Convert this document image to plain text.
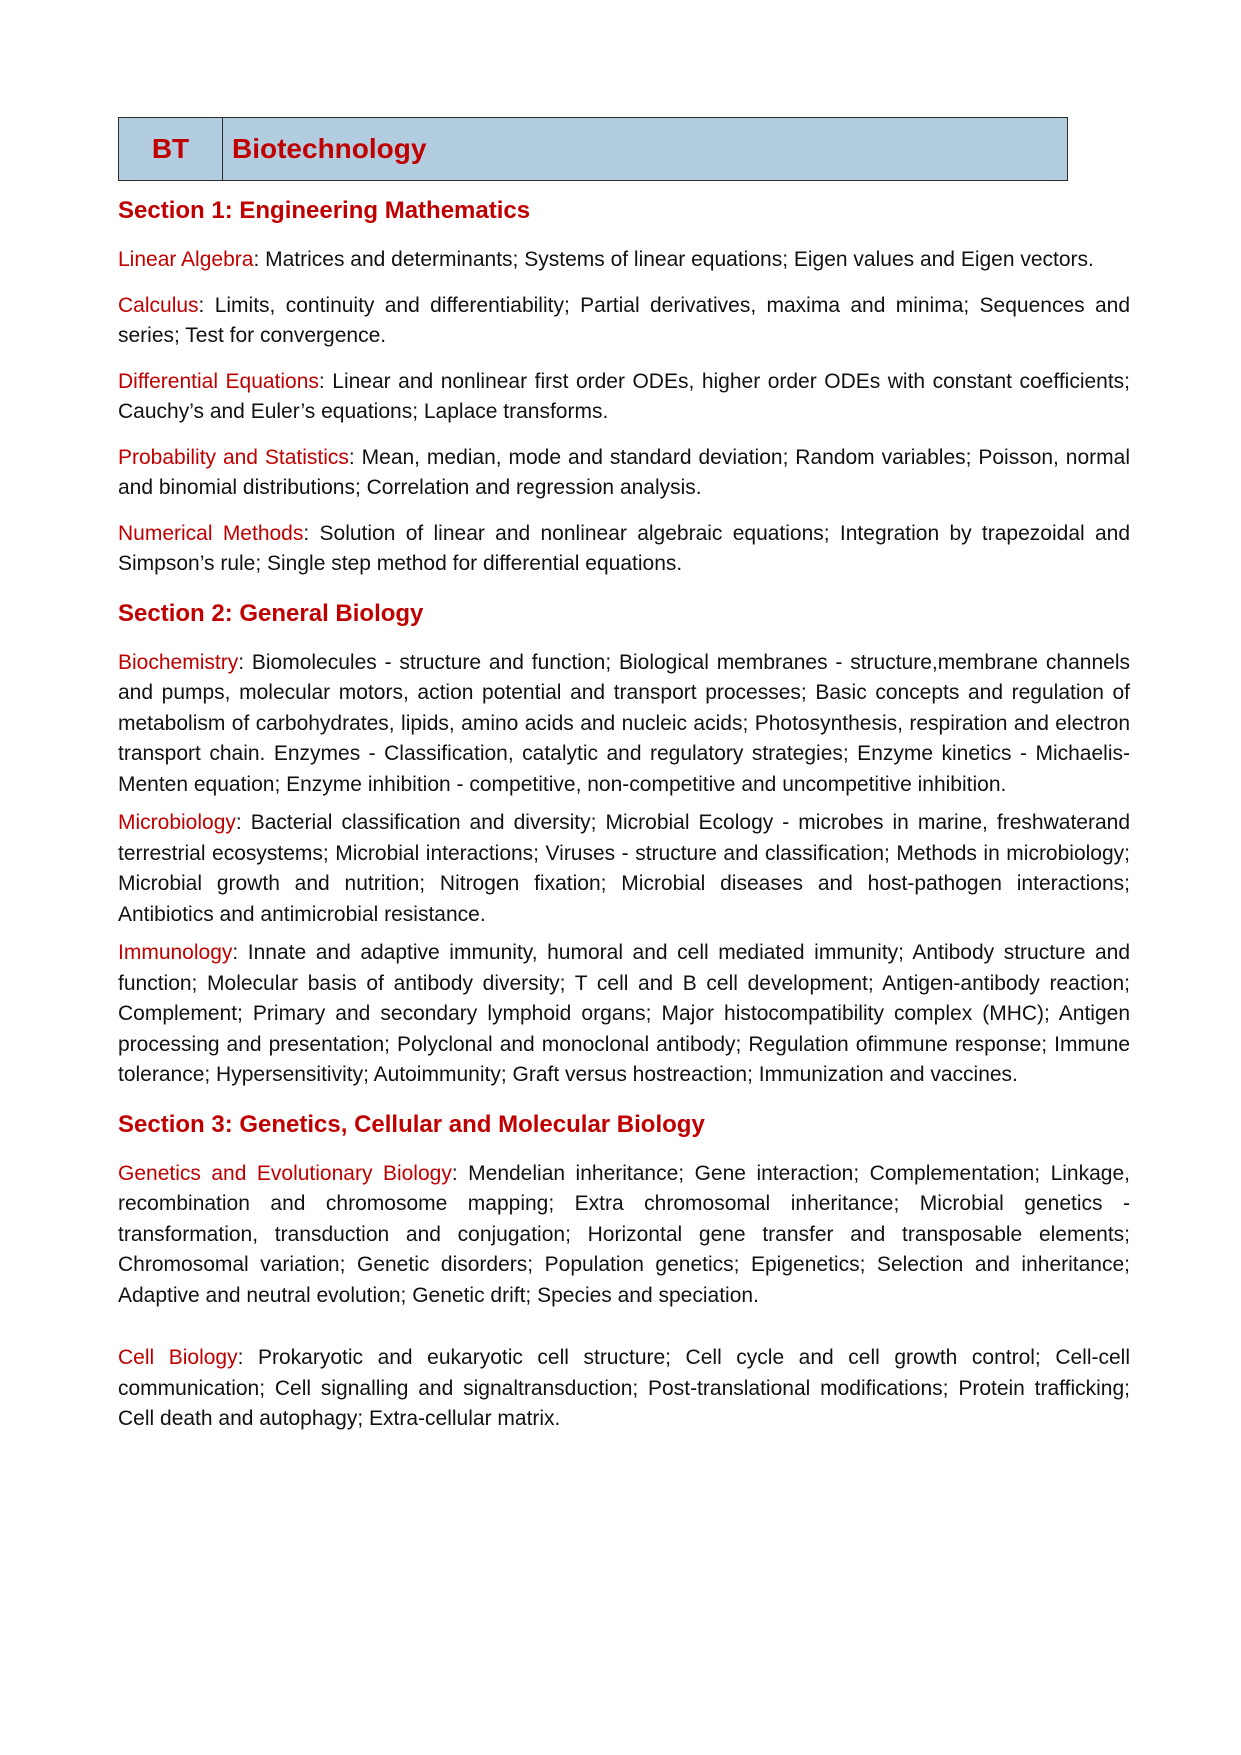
BT	Biotechnology
Section 1: Engineering Mathematics

Linear Algebra: Matrices and determinants; Systems of linear equations; Eigen values and Eigen vectors.

Calculus: Limits, continuity and differentiability; Partial derivatives, maxima and minima; Sequences and series; Test for convergence.

Differential Equations: Linear and nonlinear first order ODEs, higher order ODEs with constant coefficients; Cauchy’s and Euler’s equations; Laplace transforms.

Probability and Statistics: Mean, median, mode and standard deviation; Random variables; Poisson, normal and binomial distributions; Correlation and regression analysis.

Numerical Methods: Solution of linear and nonlinear algebraic equations; Integration by trapezoidal and Simpson’s rule; Single step method for differential equations.

Section 2: General Biology

Biochemistry: Biomolecules - structure and function; Biological membranes - structure,membrane channels and pumps, molecular motors, action potential and transport processes; Basic concepts and regulation of metabolism of carbohydrates, lipids, amino acids and nucleic acids; Photosynthesis, respiration and electron transport chain. Enzymes - Classification, catalytic and regulatory strategies; Enzyme kinetics - Michaelis-Menten equation; Enzyme inhibition - competitive, non-competitive and uncompetitive inhibition.

Microbiology: Bacterial classification and diversity; Microbial Ecology - microbes in marine, freshwaterand terrestrial ecosystems; Microbial interactions; Viruses - structure and classification; Methods in microbiology; Microbial growth and nutrition; Nitrogen fixation; Microbial diseases and host-pathogen interactions; Antibiotics and antimicrobial resistance.

Immunology: Innate and adaptive immunity, humoral and cell mediated immunity; Antibody structure and function; Molecular basis of antibody diversity; T cell and B cell development; Antigen-antibody reaction; Complement; Primary and secondary lymphoid organs; Major histocompatibility complex (MHC); Antigen processing and presentation; Polyclonal and monoclonal antibody; Regulation ofimmune response; Immune tolerance; Hypersensitivity; Autoimmunity; Graft versus hostreaction; Immunization and vaccines.

Section 3: Genetics, Cellular and Molecular Biology

Genetics and Evolutionary Biology: Mendelian inheritance; Gene interaction; Complementation; Linkage, recombination and chromosome mapping; Extra chromosomal inheritance; Microbial genetics - transformation, transduction and conjugation; Horizontal gene transfer and transposable elements; Chromosomal variation; Genetic disorders; Population genetics; Epigenetics; Selection and inheritance; Adaptive and neutral evolution; Genetic drift; Species and speciation.

Cell Biology: Prokaryotic and eukaryotic cell structure; Cell cycle and cell growth control; Cell-cell communication; Cell signalling and signaltransduction; Post-translational modifications; Protein trafficking; Cell death and autophagy; Extra-cellular matrix.
